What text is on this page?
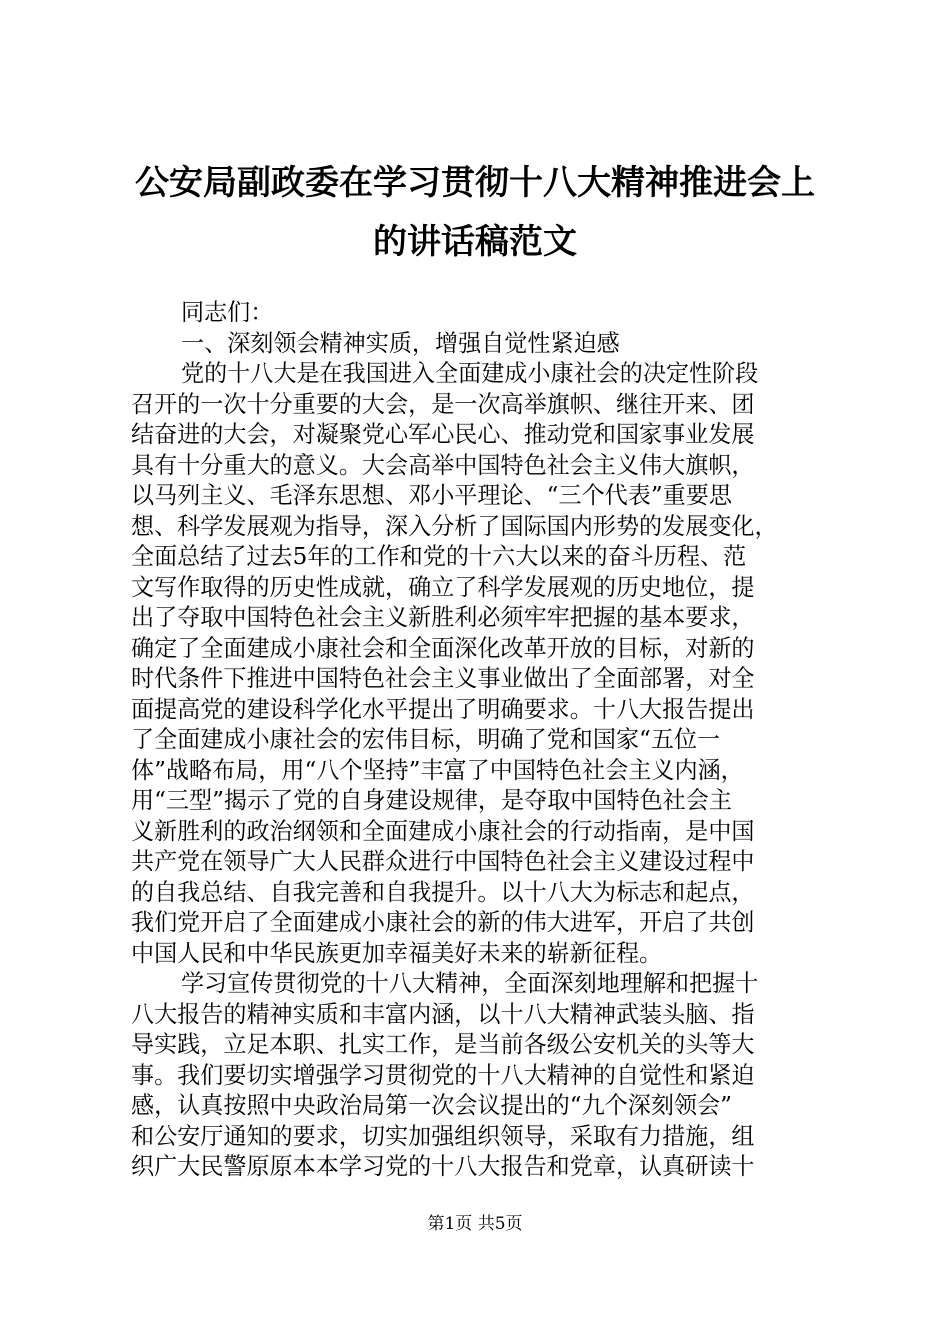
公安局副政委在学习贯彻十八大精神推进会上
的讲话稿范文
同志们：
一、深刻领会精神实质，增强自觉性紧迫感
党的十八大是在我国进入全面建成小康社会的决定性阶段
召开的一次十分重要的大会，是一次高举旗帜、继往开来、团
结奋进的大会，对凝聚党心军心民心、推动党和国家事业发展
具有十分重大的意义。大会高举中国特色社会主义伟大旗帜，
以马列主义、毛泽东思想、邓小平理论、“三个代表”重要思
想、科学发展观为指导，深入分析了国际国内形势的发展变化，
全面总结了过去5年的工作和党的十六大以来的奋斗历程、范
文写作取得的历史性成就，确立了科学发展观的历史地位，提
出了夺取中国特色社会主义新胜利必须牢牢把握的基本要求，
确定了全面建成小康社会和全面深化改革开放的目标，对新的
时代条件下推进中国特色社会主义事业做出了全面部署，对全
面提高党的建设科学化水平提出了明确要求。十八大报告提出
了全面建成小康社会的宏伟目标，明确了党和国家“五位一
体”战略布局，用“八个坚持”丰富了中国特色社会主义内涵，
用“三型”揭示了党的自身建设规律，是夺取中国特色社会主
义新胜利的政治纲领和全面建成小康社会的行动指南，是中国
共产党在领导广大人民群众进行中国特色社会主义建设过程中
的自我总结、自我完善和自我提升。以十八大为标志和起点，
我们党开启了全面建成小康社会的新的伟大进军，开启了共创
中国人民和中华民族更加幸福美好未来的崭新征程。
学习宣传贯彻党的十八大精神，全面深刻地理解和把握十
八大报告的精神实质和丰富内涵，以十八大精神武装头脑、指
导实践，立足本职、扎实工作，是当前各级公安机关的头等大
事。我们要切实增强学习贯彻党的十八大精神的自觉性和紧迫
感，认真按照中央政治局第一次会议提出的“九个深刻领会”
和公安厅通知的要求，切实加强组织领导，采取有力措施，组
织广大民警原原本本学习党的十八大报告和党章，认真研读十
第1页 共5页
